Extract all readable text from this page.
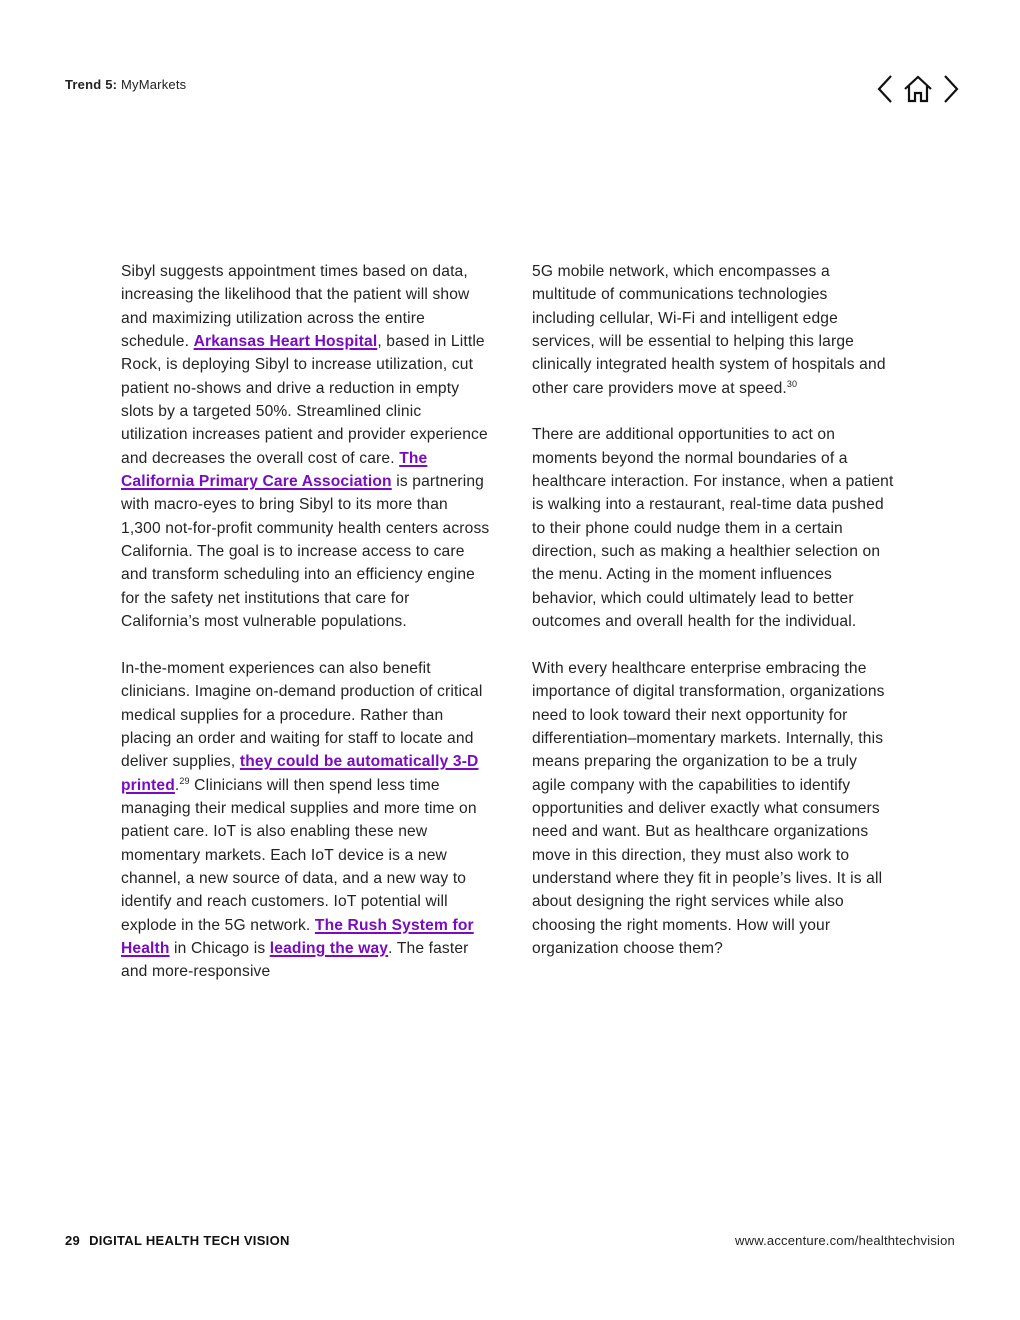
Trend 5: MyMarkets

Sibyl suggests appointment times based on data, increasing the likelihood that the patient will show and maximizing utilization across the entire schedule. Arkansas Heart Hospital, based in Little Rock, is deploying Sibyl to increase utilization, cut patient no-shows and drive a reduction in empty slots by a targeted 50%. Streamlined clinic utilization increases patient and provider experience and decreases the overall cost of care. The California Primary Care Association is partnering with macro-eyes to bring Sibyl to its more than 1,300 not-for-profit community health centers across California. The goal is to increase access to care and transform scheduling into an efficiency engine for the safety net institutions that care for California’s most vulnerable populations.

In-the-moment experiences can also benefit clinicians. Imagine on-demand production of critical medical supplies for a procedure. Rather than placing an order and waiting for staff to locate and deliver supplies, they could be automatically 3-D printed.$^{29}$ Clinicians will then spend less time managing their medical supplies and more time on patient care. IoT is also enabling these new momentary markets. Each IoT device is a new channel, a new source of data, and a new way to identify and reach customers. IoT potential will explode in the 5G network. The Rush System for Health in Chicago is leading the way. The faster and more-responsive

5G mobile network, which encompasses a multitude of communications technologies including cellular, Wi-Fi and intelligent edge services, will be essential to helping this large clinically integrated health system of hospitals and other care providers move at speed.$^{30}$

There are additional opportunities to act on moments beyond the normal boundaries of a healthcare interaction. For instance, when a patient is walking into a restaurant, real-time data pushed to their phone could nudge them in a certain direction, such as making a healthier selection on the menu. Acting in the moment influences behavior, which could ultimately lead to better outcomes and overall health for the individual.

With every healthcare enterprise embracing the importance of digital transformation, organizations need to look toward their next opportunity for differentiation–momentary markets. Internally, this means preparing the organization to be a truly agile company with the capabilities to identify opportunities and deliver exactly what consumers need and want. But as healthcare organizations move in this direction, they must also work to understand where they fit in people’s lives. It is all about designing the right services while also choosing the right moments. How will your organization choose them?

29 DIGITAL HEALTH TECH VISION	www.accenture.com/healthtechvision
